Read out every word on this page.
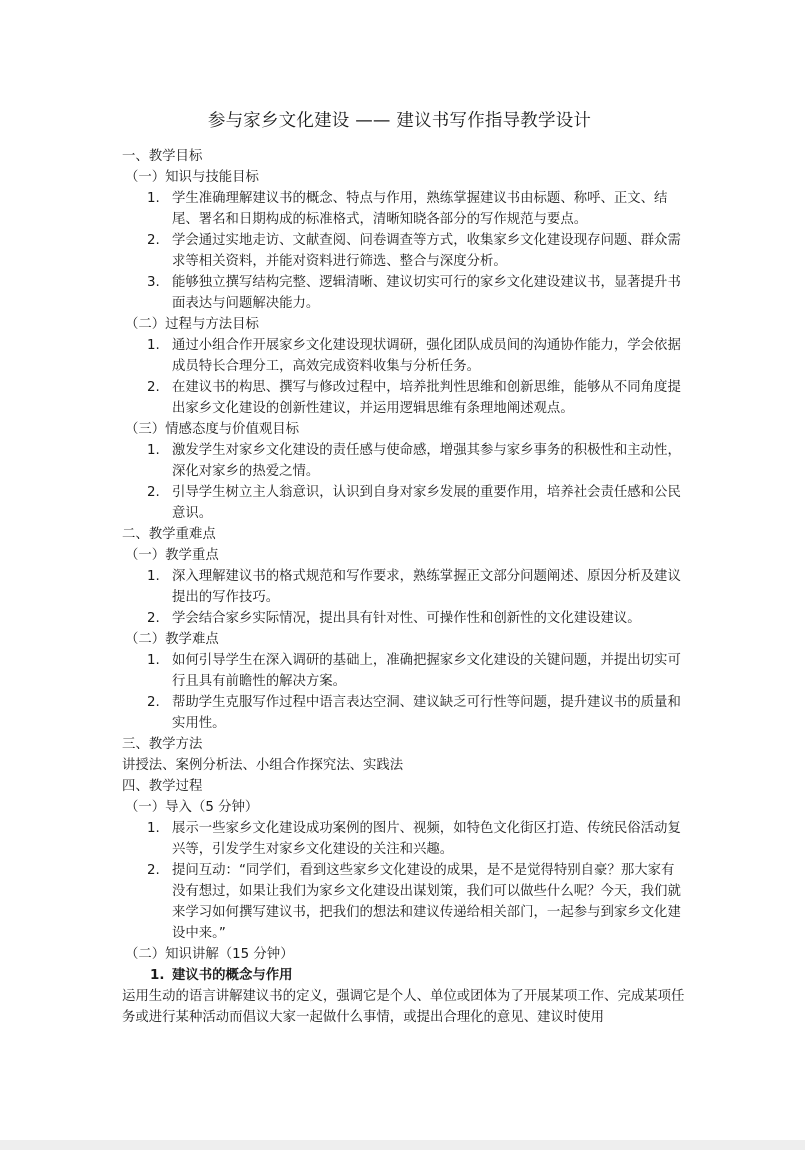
参与家乡文化建设 —— 建议书写作指导教学设计
一、教学目标
（一）知识与技能目标
1. 学生准确理解建议书的概念、特点与作用，熟练掌握建议书由标题、称呼、正文、结尾、署名和日期构成的标准格式，清晰知晓各部分的写作规范与要点。
2. 学会通过实地走访、文献查阅、问卷调查等方式，收集家乡文化建设现存问题、群众需求等相关资料，并能对资料进行筛选、整合与深度分析。
3. 能够独立撰写结构完整、逻辑清晰、建议切实可行的家乡文化建设建议书，显著提升书面表达与问题解决能力。
（二）过程与方法目标
1. 通过小组合作开展家乡文化建设现状调研，强化团队成员间的沟通协作能力，学会依据成员特长合理分工，高效完成资料收集与分析任务。
2. 在建议书的构思、撰写与修改过程中，培养批判性思维和创新思维，能够从不同角度提出家乡文化建设的创新性建议，并运用逻辑思维有条理地阐述观点。
（三）情感态度与价值观目标
1. 激发学生对家乡文化建设的责任感与使命感，增强其参与家乡事务的积极性和主动性，深化对家乡的热爱之情。
2. 引导学生树立主人翁意识，认识到自身对家乡发展的重要作用，培养社会责任感和公民意识。
二、教学重难点
（一）教学重点
1. 深入理解建议书的格式规范和写作要求，熟练掌握正文部分问题阐述、原因分析及建议提出的写作技巧。
2. 学会结合家乡实际情况，提出具有针对性、可操作性和创新性的文化建设建议。
（二）教学难点
1. 如何引导学生在深入调研的基础上，准确把握家乡文化建设的关键问题，并提出切实可行且具有前瞻性的解决方案。
2. 帮助学生克服写作过程中语言表达空洞、建议缺乏可行性等问题，提升建议书的质量和实用性。
三、教学方法
讲授法、案例分析法、小组合作探究法、实践法
四、教学过程
（一）导入（5 分钟）
1. 展示一些家乡文化建设成功案例的图片、视频，如特色文化街区打造、传统民俗活动复兴等，引发学生对家乡文化建设的关注和兴趣。
2. 提问互动：“同学们，看到这些家乡文化建设的成果，是不是觉得特别自豪？那大家有没有想过，如果让我们为家乡文化建设出谋划策，我们可以做些什么呢？今天，我们就来学习如何撰写建议书，把我们的想法和建议传递给相关部门，一起参与到家乡文化建设中来。”
（二）知识讲解（15 分钟）
1. 建议书的概念与作用
运用生动的语言讲解建议书的定义，强调它是个人、单位或团体为了开展某项工作、完成某项任务或进行某种活动而倡议大家一起做什么事情，或提出合理化的意见、建议时使用
